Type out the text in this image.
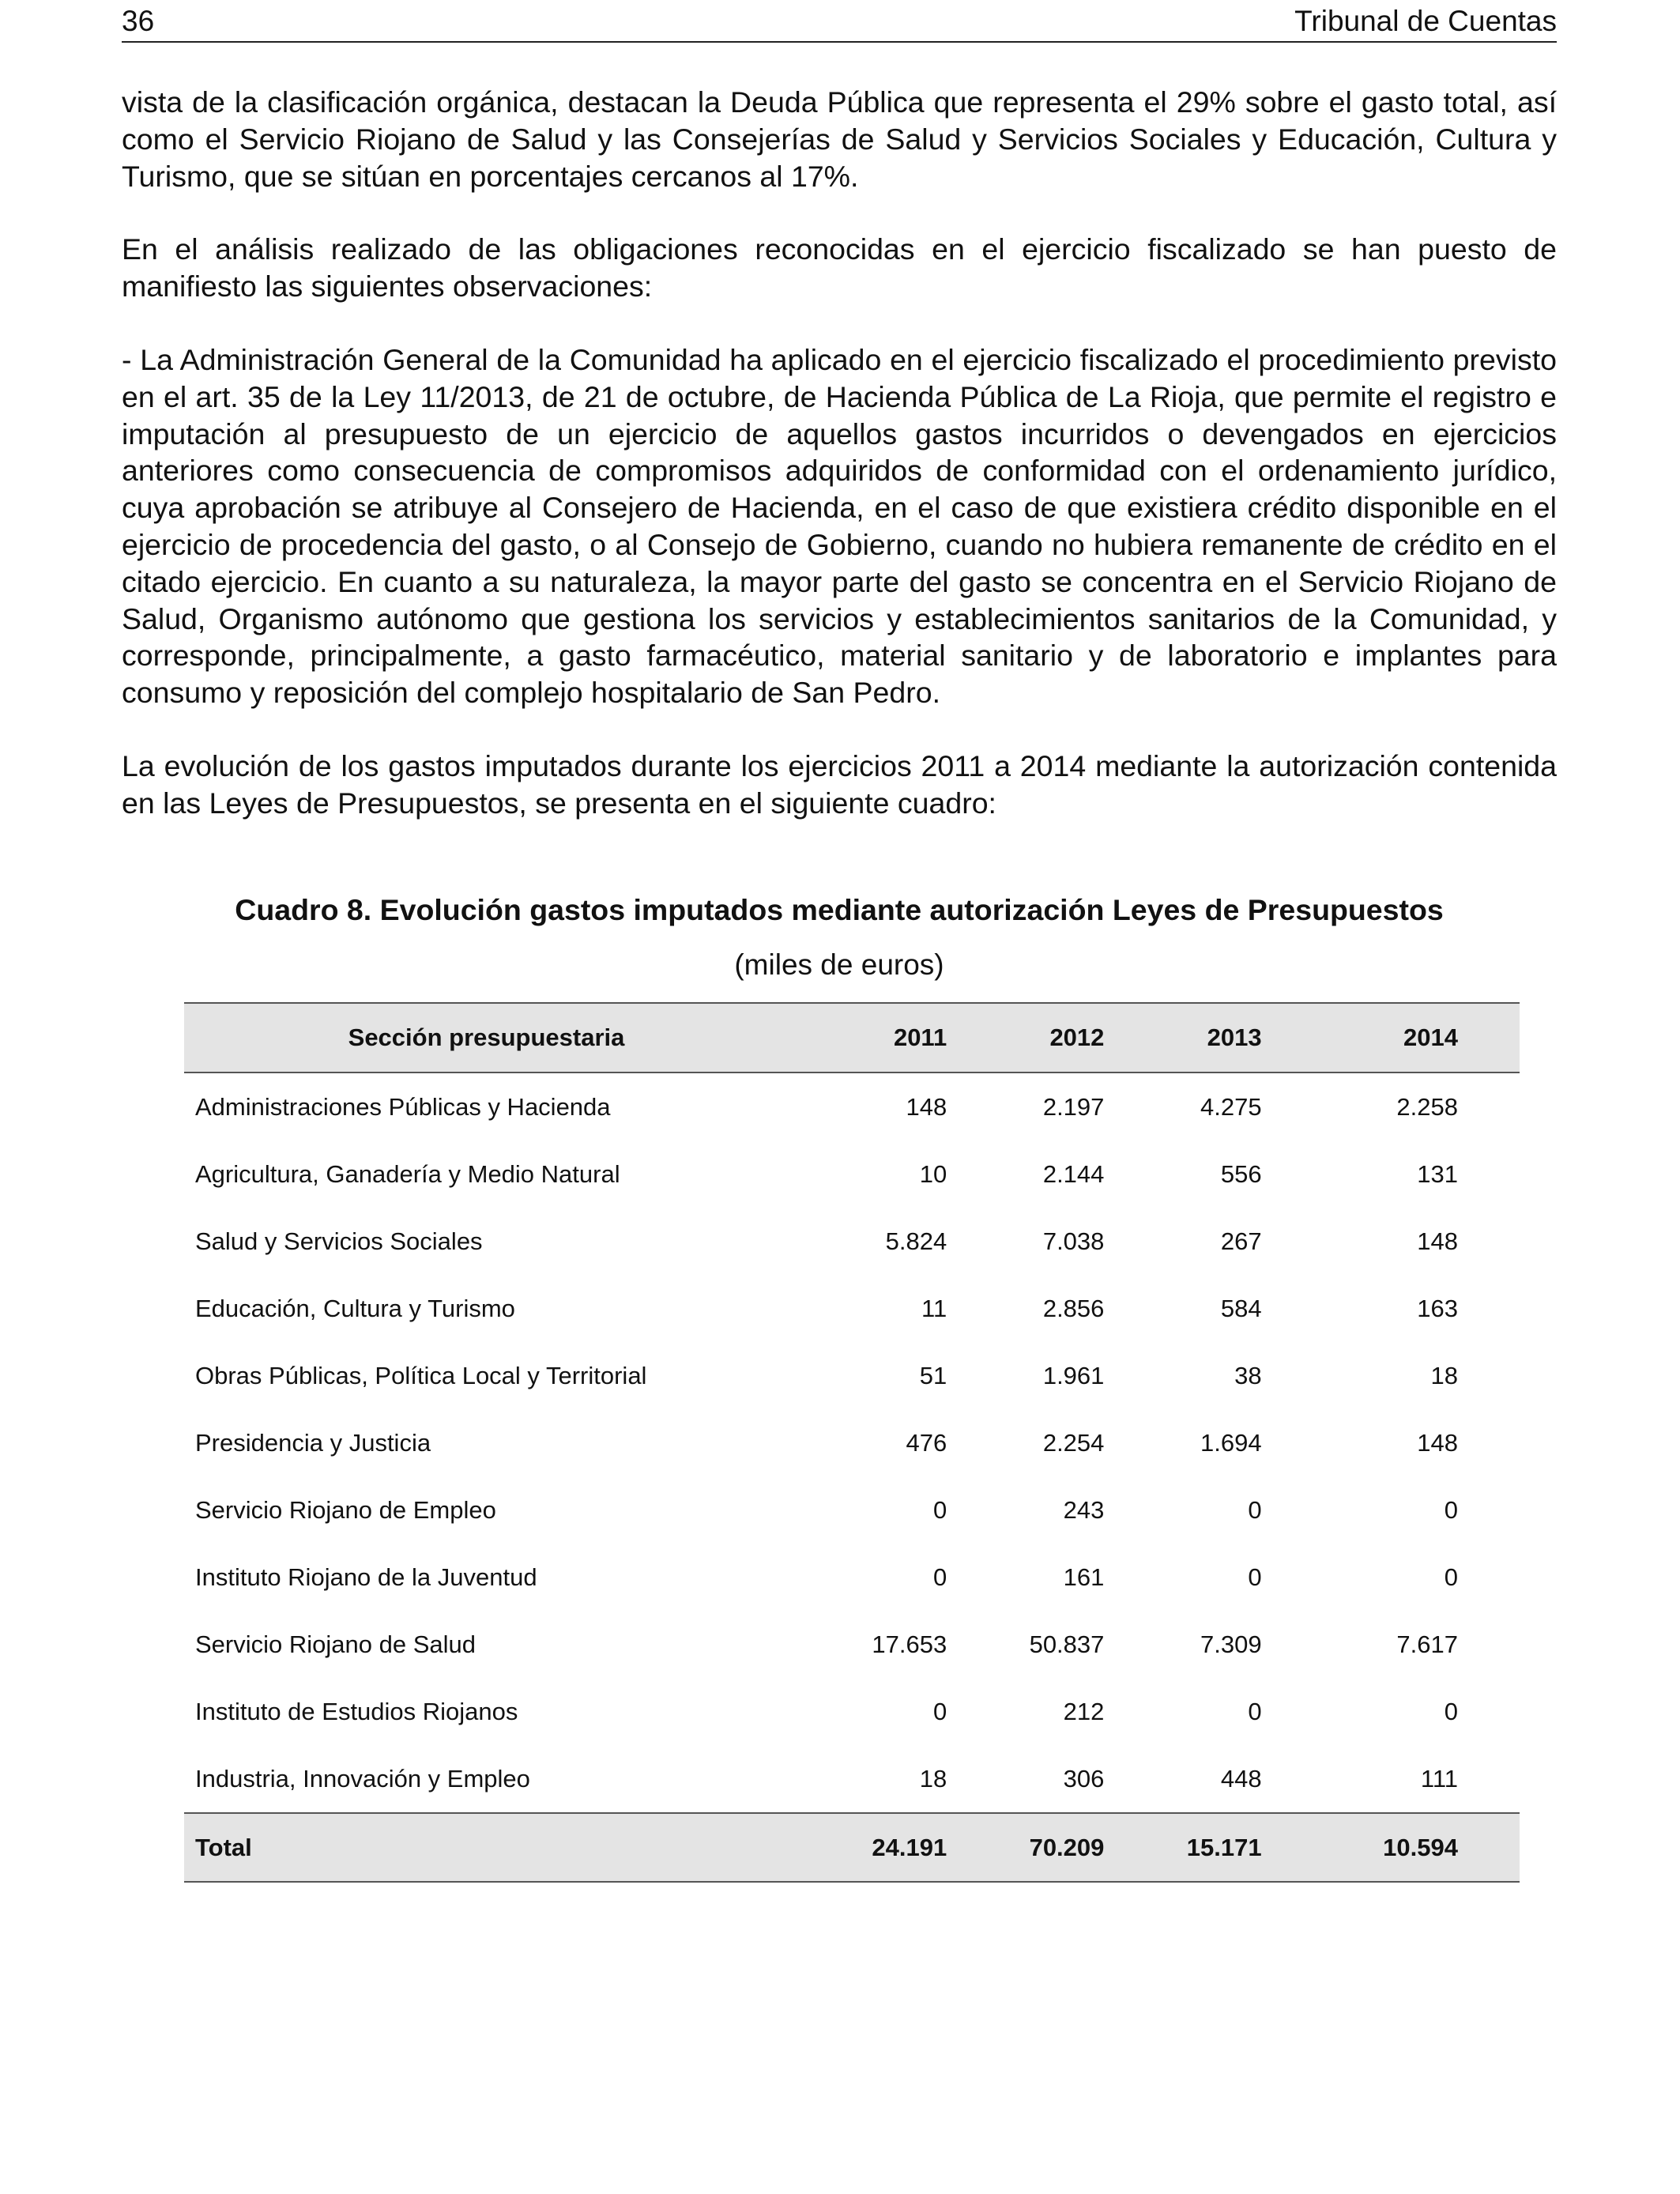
36	Tribunal de Cuentas

vista de la clasificación orgánica, destacan la Deuda Pública que representa el 29% sobre el gasto total, así como el Servicio Riojano de Salud y las Consejerías de Salud y Servicios Sociales y Educación, Cultura y Turismo, que se sitúan en porcentajes cercanos al 17%.

En el análisis realizado de las obligaciones reconocidas en el ejercicio fiscalizado se han puesto de manifiesto las siguientes observaciones:

- La Administración General de la Comunidad ha aplicado en el ejercicio fiscalizado el procedimiento previsto en el art. 35 de la Ley 11/2013, de 21 de octubre, de Hacienda Pública de La Rioja, que permite el registro e imputación al presupuesto de un ejercicio de aquellos gastos incurridos o devengados en ejercicios anteriores como consecuencia de compromisos adquiridos de conformidad con el ordenamiento jurídico, cuya aprobación se atribuye al Consejero de Hacienda, en el caso de que existiera crédito disponible en el ejercicio de procedencia del gasto, o al Consejo de Gobierno, cuando no hubiera remanente de crédito en el citado ejercicio. En cuanto a su naturaleza, la mayor parte del gasto se concentra en el Servicio Riojano de Salud, Organismo autónomo que gestiona los servicios y establecimientos sanitarios de la Comunidad, y corresponde, principalmente, a gasto farmacéutico, material sanitario y de laboratorio e implantes para consumo y reposición del complejo hospitalario de San Pedro.

La evolución de los gastos imputados durante los ejercicios 2011 a 2014 mediante la autorización contenida en las Leyes de Presupuestos, se presenta en el siguiente cuadro:

Cuadro 8. Evolución gastos imputados mediante autorización Leyes de Presupuestos
(miles de euros)
Sección presupuestaria	2011	2012	2013	2014
Administraciones Públicas y Hacienda	148	2.197	4.275	2.258
Agricultura, Ganadería y Medio Natural	10	2.144	556	131
Salud y Servicios Sociales	5.824	7.038	267	148
Educación, Cultura y Turismo	11	2.856	584	163
Obras Públicas, Política Local y Territorial	51	1.961	38	18
Presidencia y Justicia	476	2.254	1.694	148
Servicio Riojano de Empleo	0	243	0	0
Instituto Riojano de la Juventud	0	161	0	0
Servicio Riojano de Salud	17.653	50.837	7.309	7.617
Instituto de Estudios Riojanos	0	212	0	0
Industria, Innovación y Empleo	18	306	448	111
Total	24.191	70.209	15.171	10.594
